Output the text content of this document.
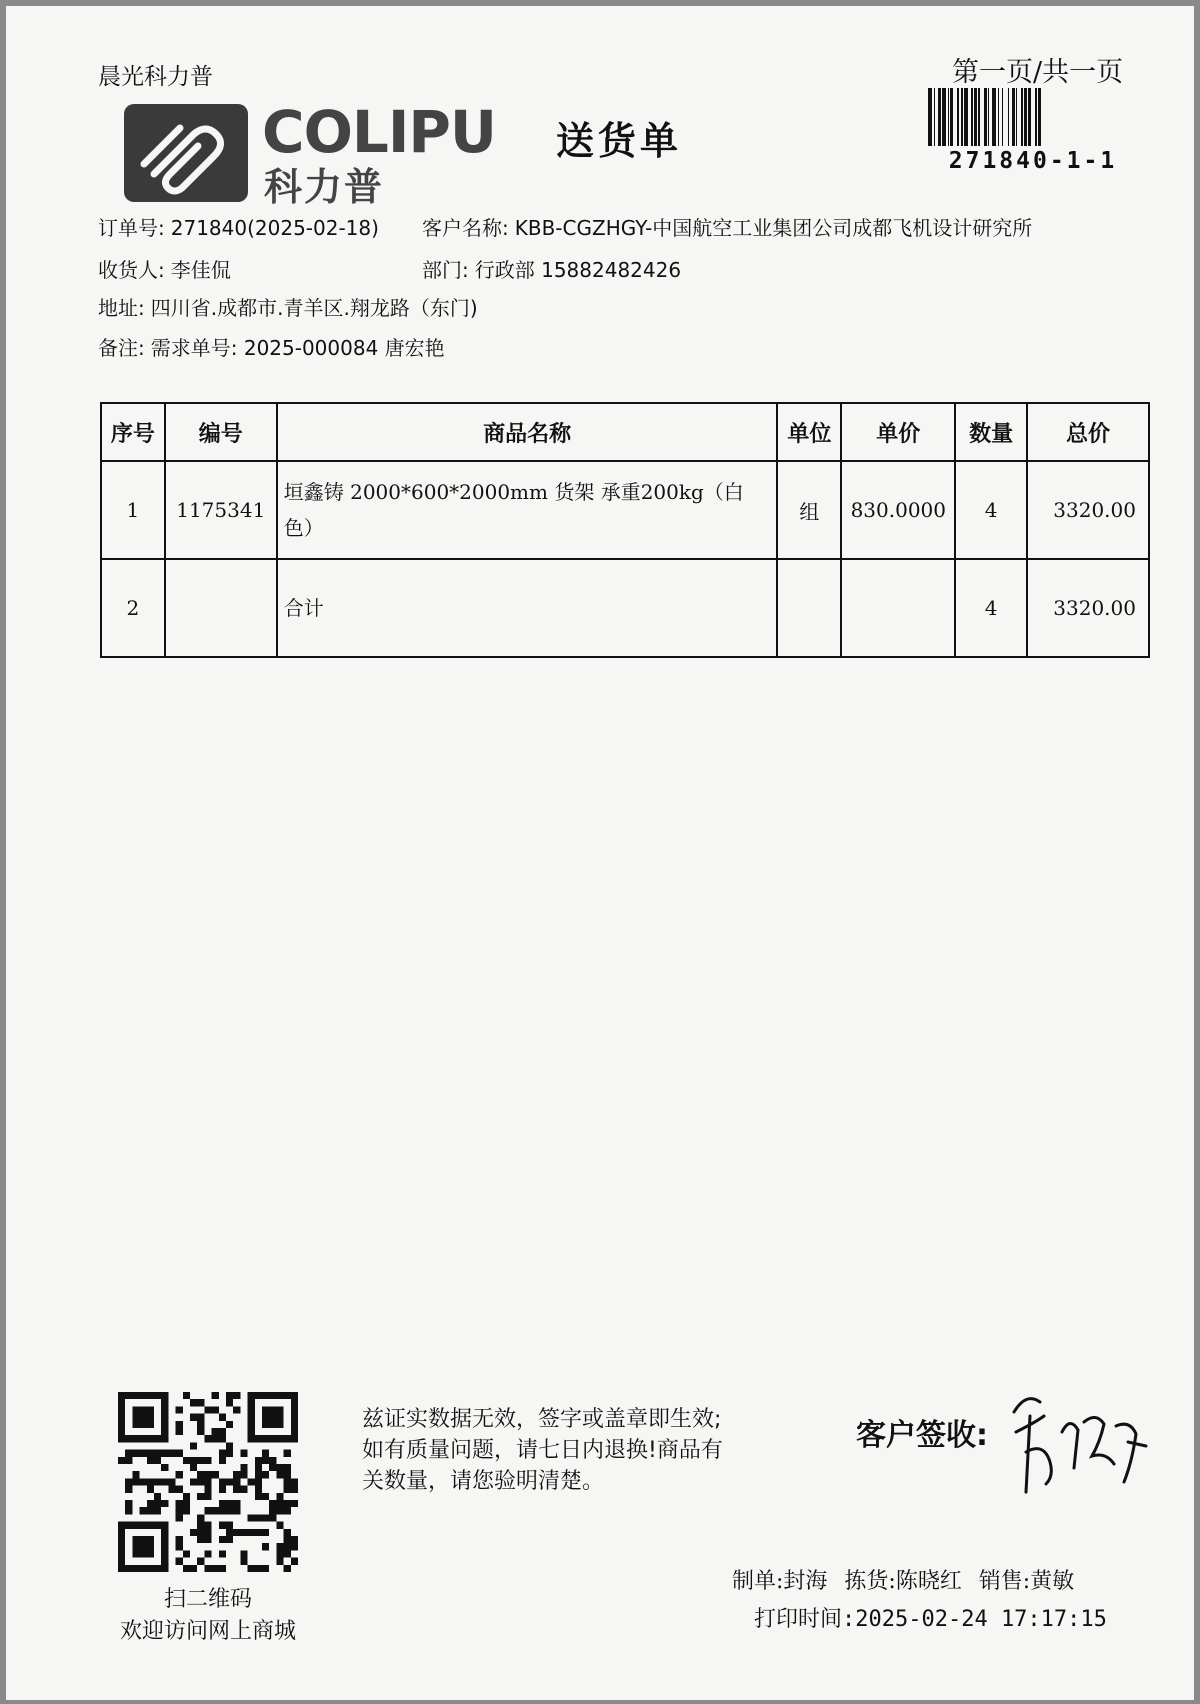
晨光科力普	第一页/共一页
271840-1-1
COLIPU
科力普
送货单
订单号: 271840(2025-02-18) 客户名称: KBB-CGZHGY-中国航空工业集团公司成都飞机设计研究所
收货人: 李佳侃	部门: 行政部 15882482426
地址: 四川省.成都市.青羊区.翔龙路（东门)
备注: 需求单号: 2025-000084 唐宏艳
序号	编号	商品名称	单位	单价	数量	总价
1	1175341	垣鑫铸 2000*600*2000mm 货架 承重200kg（白色）	组	830.0000	4	3320.00
2		合计			4	3320.00
扫二维码
欢迎访问网上商城
兹证实数据无效，签字或盖章即生效;
如有质量问题，请七日内退换!商品有
关数量，请您验明清楚。
客户签收:
制单:封海 拣货:陈晓红 销售:黄敏
打印时间:2025-02-24 17:17:15
